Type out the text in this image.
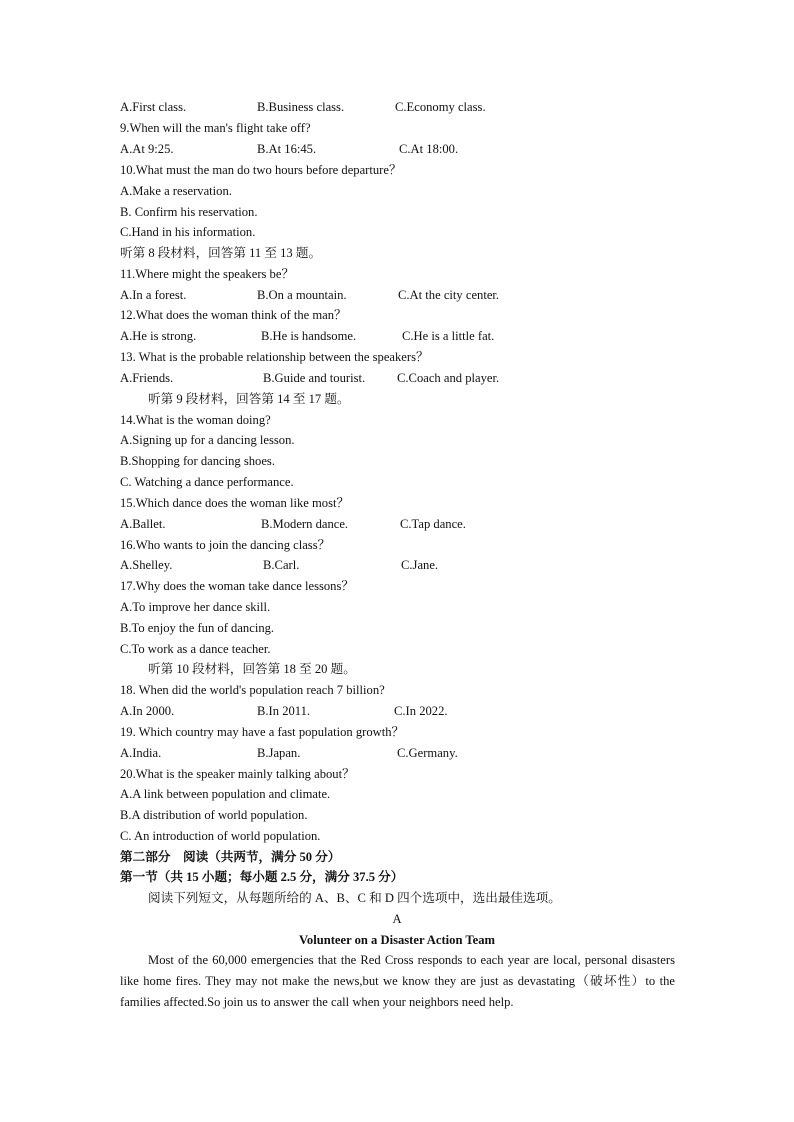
A.First class.	B.Business class.	C.Economy class.
9.When will the man's flight take off?
A.At 9:25.	B.At 16:45.	C.At 18:00.
10.What must the man do two hours before departure？
A.Make a reservation.
B. Confirm his reservation.
C.Hand in his information.
听第 8 段材料，回答第 11 至 13 题。
11.Where might the speakers be？
A.In a forest.	B.On a mountain.	C.At the city center.
12.What does the woman think of the man？
A.He is strong.	B.He is handsome.	C.He is a little fat.
13. What is the probable relationship between the speakers？
A.Friends.	B.Guide and tourist.	C.Coach and player.
听第 9 段材料，回答第 14 至 17 题。
14.What is the woman doing?
A.Signing up for a dancing lesson.
B.Shopping for dancing shoes.
C. Watching a dance performance.
15.Which dance does the woman like most？
A.Ballet.	B.Modern dance.	C.Tap dance.
16.Who wants to join the dancing class？
A.Shelley.	B.Carl.	C.Jane.
17.Why does the woman take dance lessons？
A.To improve her dance skill.
B.To enjoy the fun of dancing.
C.To work as a dance teacher.
听第 10 段材料，回答第 18 至 20 题。
18. When did the world's population reach 7 billion?
A.In 2000.	B.In 2011.	C.In 2022.
19. Which country may have a fast population growth？
A.India.	B.Japan.	C.Germany.
20.What is the speaker mainly talking about？
A.A link between population and climate.
B.A distribution of world population.
C. An introduction of world population.
第二部分　阅读（共两节，满分 50 分）
第一节（共 15 小题；每小题 2.5 分，满分 37.5 分）
阅读下列短文，从每题所给的 A、B、C 和 D 四个选项中，选出最佳选项。
A
Volunteer on a Disaster Action Team
Most of the 60,000 emergencies that the Red Cross responds to each year are local, personal disasters like home fires. They may not make the news,but we know they are just as devastating（破坏性）to the families affected.So join us to answer the call when your neighbors need help.
